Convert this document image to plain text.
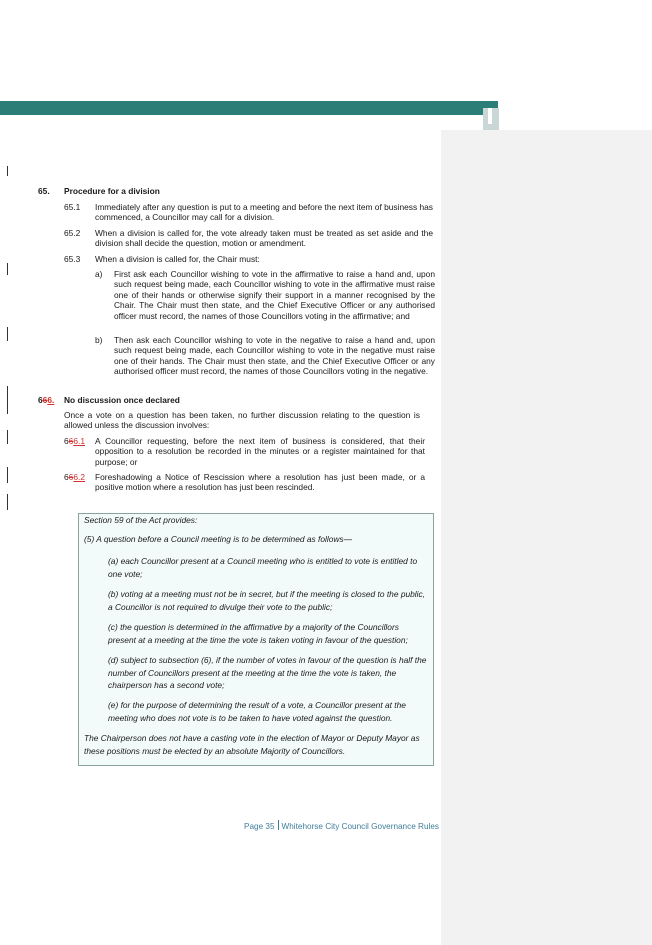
65. Procedure for a division
65.1 Immediately after any question is put to a meeting and before the next item of business has commenced, a Councillor may call for a division.
65.2 When a division is called for, the vote already taken must be treated as set aside and the division shall decide the question, motion or amendment.
65.3 When a division is called for, the Chair must:
a) First ask each Councillor wishing to vote in the affirmative to raise a hand and, upon such request being made, each Councillor wishing to vote in the affirmative must raise one of their hands or otherwise signify their support in a manner recognised by the Chair. The Chair must then state, and the Chief Executive Officer or any authorised officer must record, the names of those Councillors voting in the affirmative; and
b) Then ask each Councillor wishing to vote in the negative to raise a hand and, upon such request being made, each Councillor wishing to vote in the negative must raise one of their hands. The Chair must then state, and the Chief Executive Officer or any authorised officer must record, the names of those Councillors voting in the negative.
666. No discussion once declared
Once a vote on a question has been taken, no further discussion relating to the question is allowed unless the discussion involves:
666.1 A Councillor requesting, before the next item of business is considered, that their opposition to a resolution be recorded in the minutes or a register maintained for that purpose; or
666.2 Foreshadowing a Notice of Rescission where a resolution has just been made, or a positive motion where a resolution has just been rescinded.

Section 59 of the Act provides:

(5) A question before a Council meeting is to be determined as follows—

(a) each Councillor present at a Council meeting who is entitled to vote is entitled to one vote;

(b) voting at a meeting must not be in secret, but if the meeting is closed to the public, a Councillor is not required to divulge their vote to the public;

(c) the question is determined in the affirmative by a majority of the Councillors present at a meeting at the time the vote is taken voting in favour of the question;

(d) subject to subsection (6), if the number of votes in favour of the question is half the number of Councillors present at the meeting at the time the vote is taken, the chairperson has a second vote;

(e) for the purpose of determining the result of a vote, a Councillor present at the meeting who does not vote is to be taken to have voted against the question.

The Chairperson does not have a casting vote in the election of Mayor or Deputy Mayor as these positions must be elected by an absolute Majority of Councillors.

Page 35 Whitehorse City Council Governance Rules
